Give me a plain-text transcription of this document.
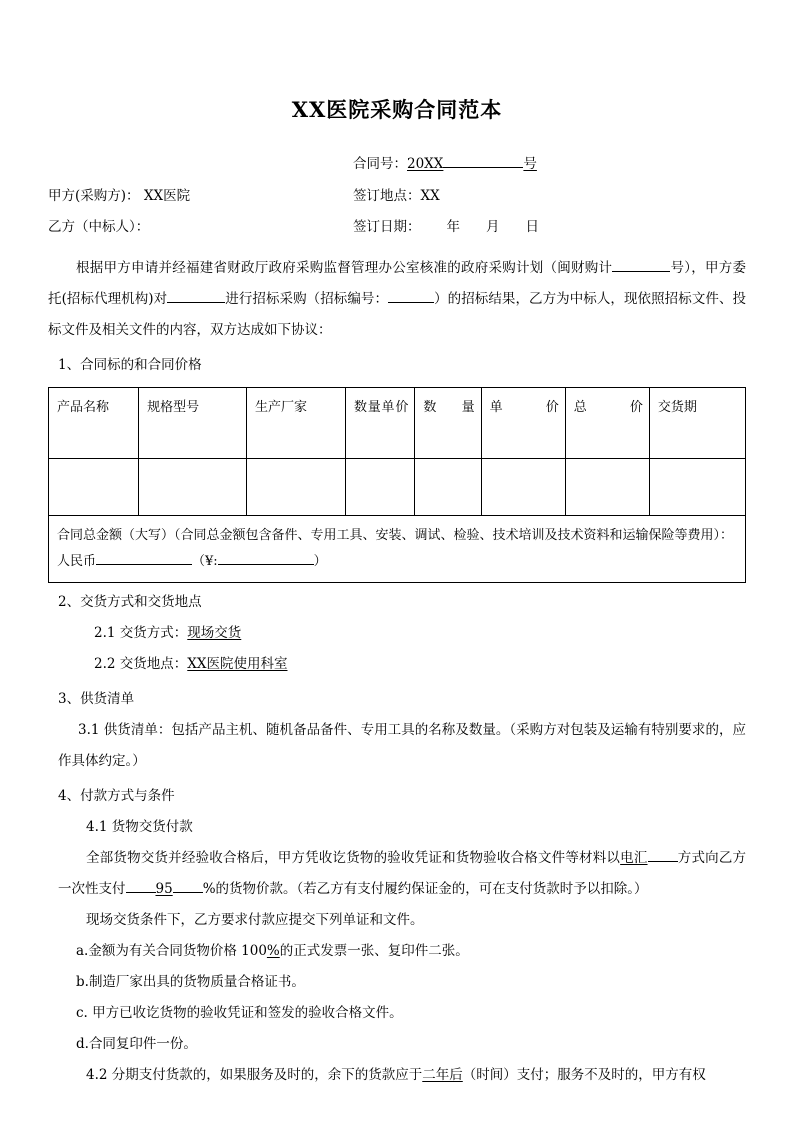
XX医院采购合同范本
合同号：20XX	号
甲方(采购方)： XX医院	签订地点：XX
乙方（中标人）：	签订日期： 年 月 日

根据甲方申请并经福建省财政厅政府采购监督管理办公室核准的政府采购计划（闽财购计	号），甲方委托(招标代理机构)对	进行招标采购（招标编号：	）的招标结果，乙方为中标人，现依照招标文件、投标文件及相关文件的内容，双方达成如下协议：

1、合同标的和合同价格

产品名称	规格型号	生产厂家	数量单价	数量	单价	总价	交货期

合同总金额（大写）（合同总金额包含备件、专用工具、安装、调试、检验、技术培训及技术资料和运输保险等费用）：人民币 （¥: ）							

2、交货方式和交货地点

2.1 交货方式：现场交货

2.2 交货地点：XX医院使用科室

3、供货清单

3.1 供货清单：包括产品主机、随机备品备件、专用工具的名称及数量。（采购方对包装及运输有特别要求的，应作具体约定。）

4、付款方式与条件

4.1 货物交货付款

全部货物交货并经验收合格后，甲方凭收讫货物的验收凭证和货物验收合格文件等材料以电汇 方式向乙方一次性支付 95 %的货物价款。（若乙方有支付履约保证金的，可在支付货款时予以扣除。）

现场交货条件下，乙方要求付款应提交下列单证和文件。

a.金额为有关合同货物价格 100%的正式发票一张、复印件二张。

b.制造厂家出具的货物质量合格证书。

c. 甲方已收讫货物的验收凭证和签发的验收合格文件。

d.合同复印件一份。

4.2 分期支付货款的，如果服务及时的，余下的货款应于二年后（时间）支付；服务不及时的，甲方有权
